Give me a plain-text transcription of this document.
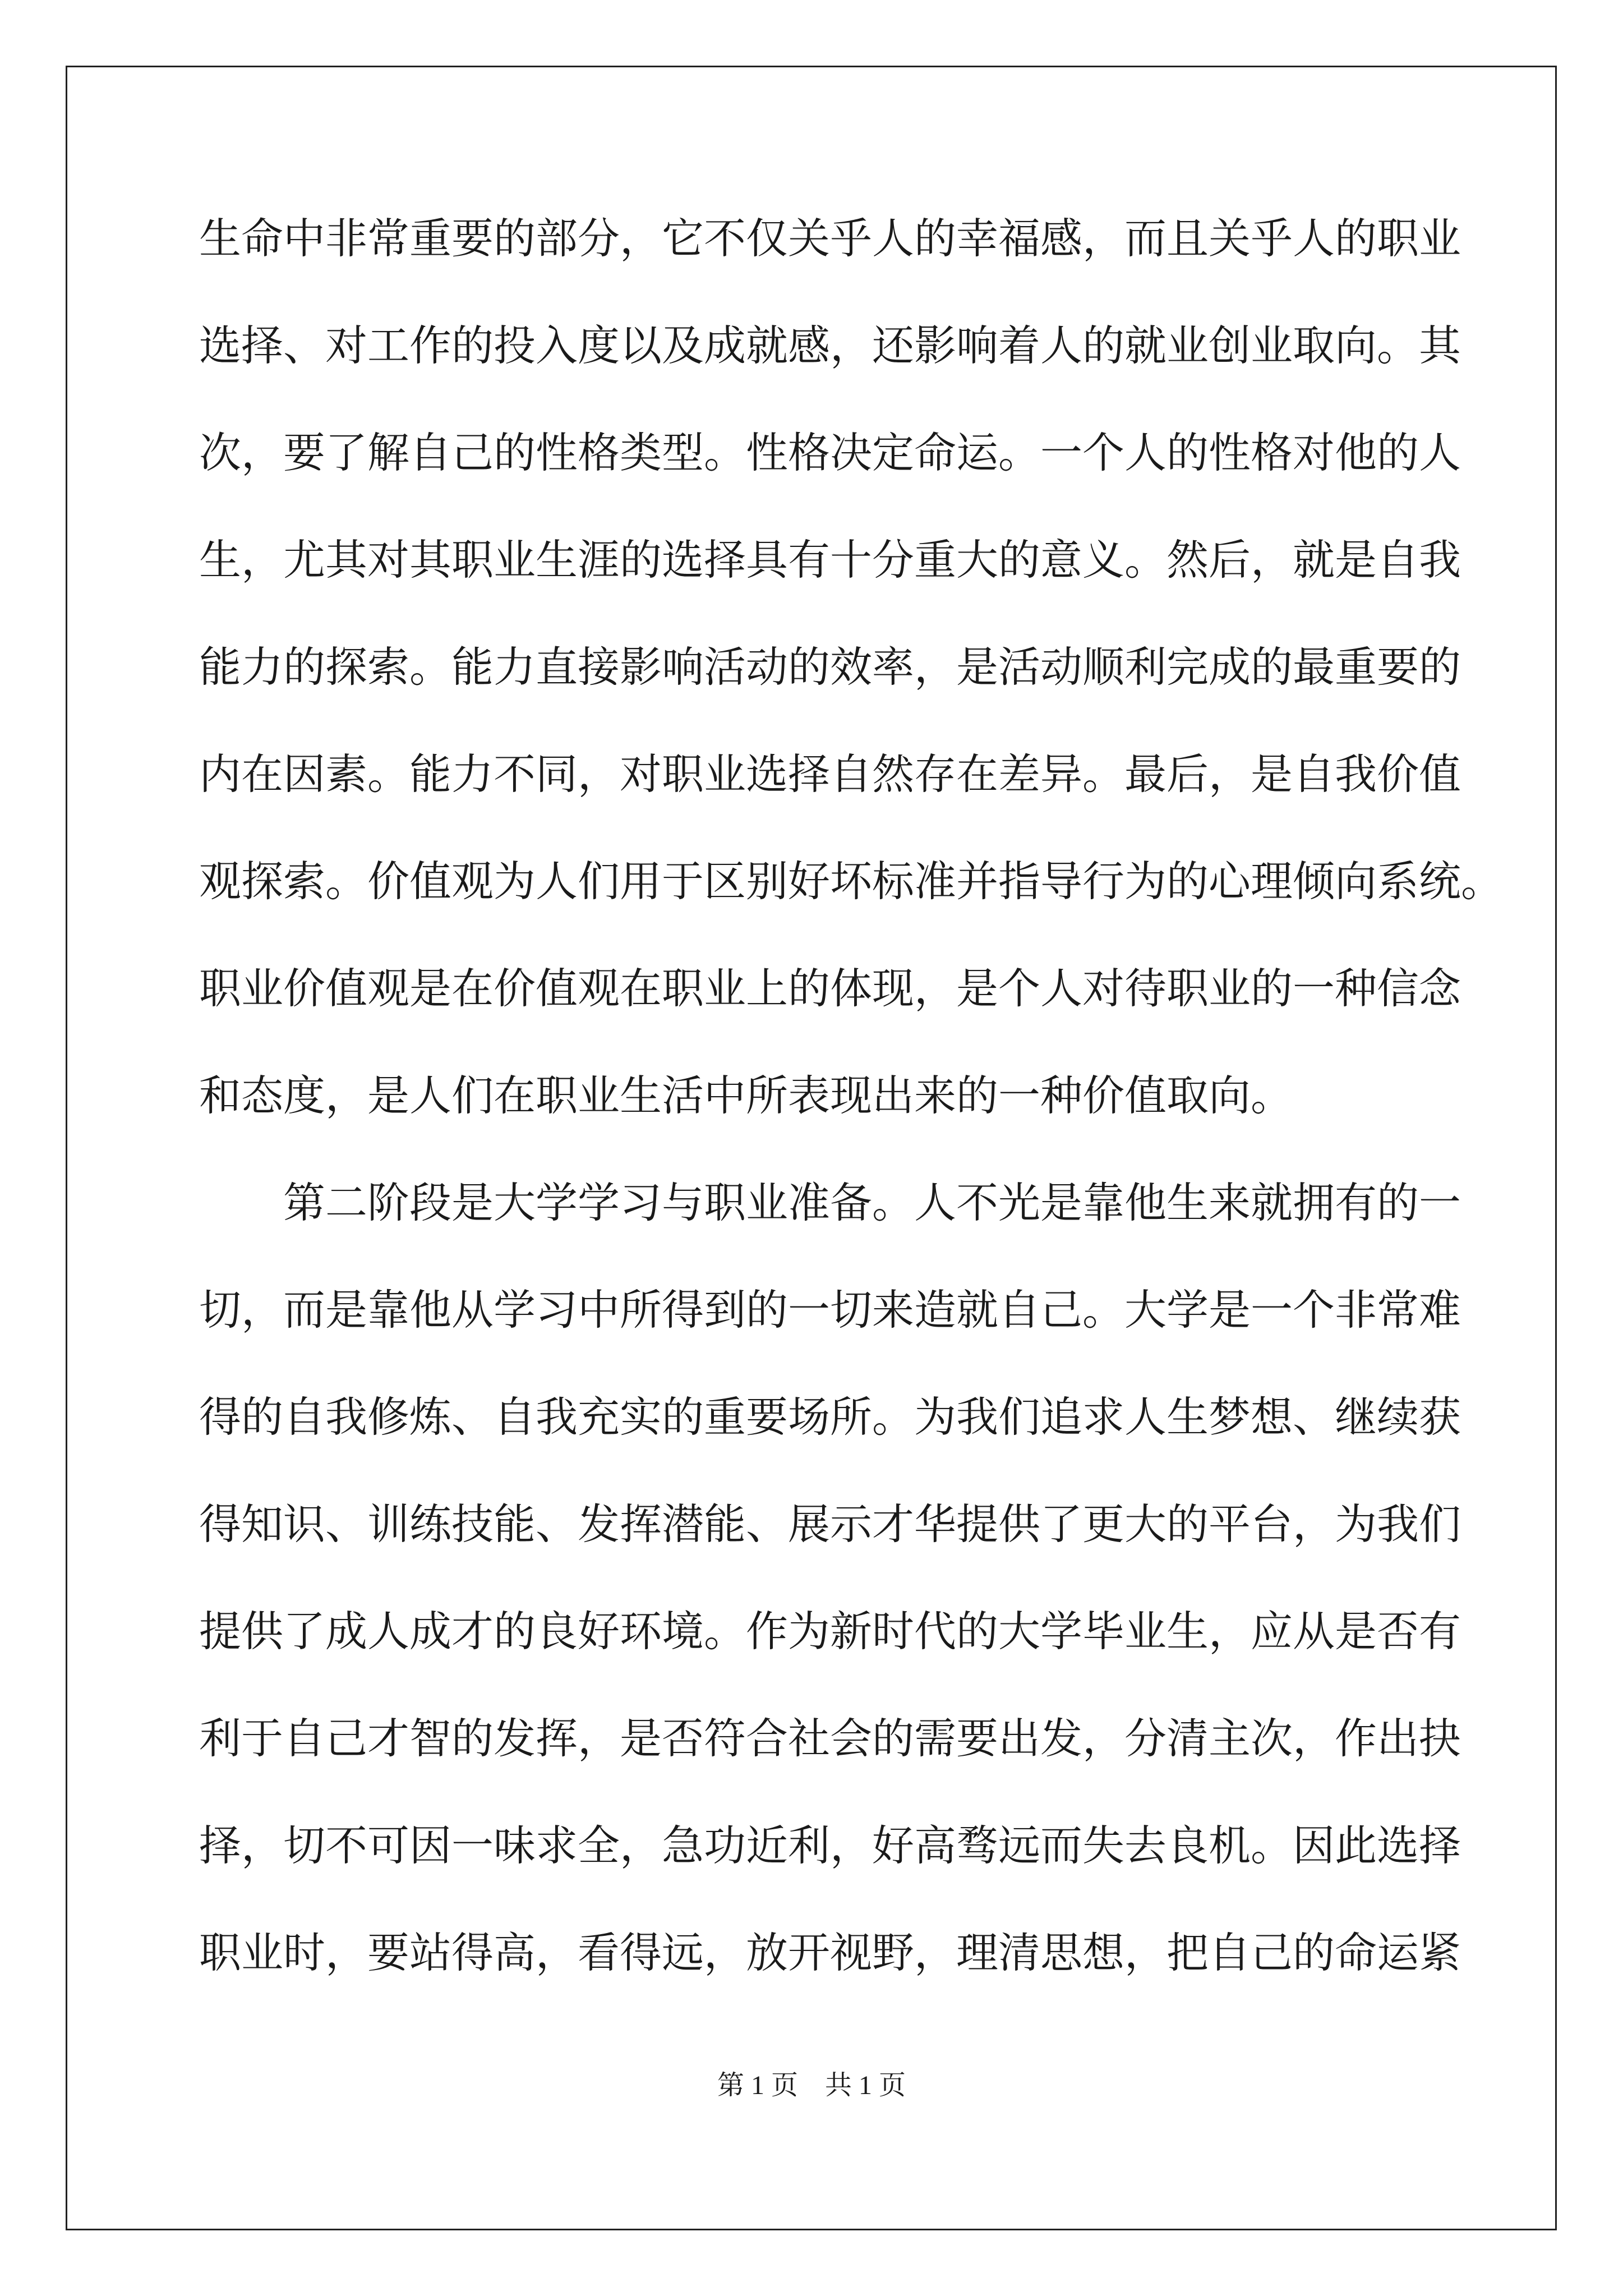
生命中非常重要的部分，它不仅关乎人的幸福感，而且关乎人的职业
选择、对工作的投入度以及成就感，还影响着人的就业创业取向。其
次，要了解自己的性格类型。性格决定命运。一个人的性格对他的人
生，尤其对其职业生涯的选择具有十分重大的意义。然后，就是自我
能力的探索。能力直接影响活动的效率，是活动顺利完成的最重要的
内在因素。能力不同，对职业选择自然存在差异。最后，是自我价值
观探索。价值观为人们用于区别好坏标准并指导行为的心理倾向系统。
职业价值观是在价值观在职业上的体现，是个人对待职业的一种信念
和态度，是人们在职业生活中所表现出来的一种价值取向。
第二阶段是大学学习与职业准备。人不光是靠他生来就拥有的一
切，而是靠他从学习中所得到的一切来造就自己。大学是一个非常难
得的自我修炼、自我充实的重要场所。为我们追求人生梦想、继续获
得知识、训练技能、发挥潜能、展示才华提供了更大的平台，为我们
提供了成人成才的良好环境。作为新时代的大学毕业生，应从是否有
利于自己才智的发挥，是否符合社会的需要出发，分清主次，作出抉
择，切不可因一味求全，急功近利，好高骛远而失去良机。因此选择
职业时，要站得高，看得远，放开视野，理清思想，把自己的命运紧
第 1 页　共 1 页
